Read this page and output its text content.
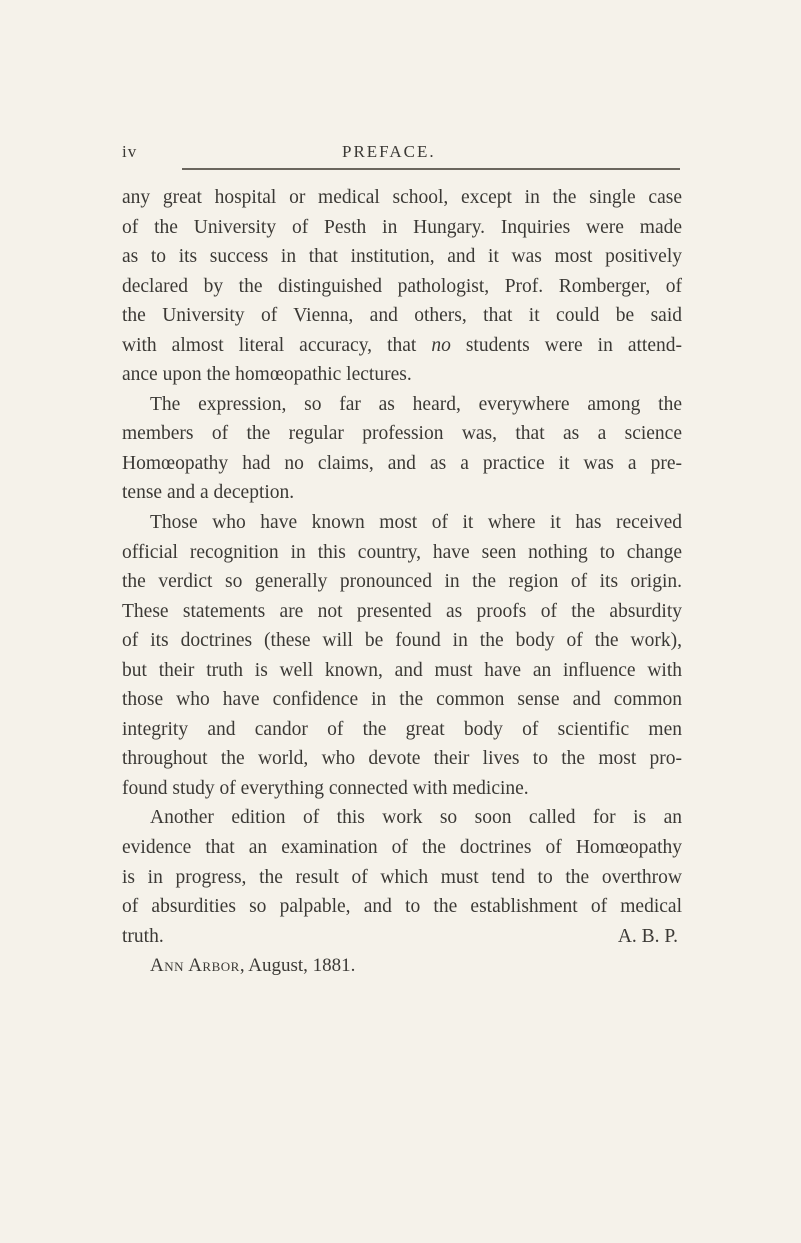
iv	PREFACE.
any great hospital or medical school, except in the single case
of the University of Pesth in Hungary. Inquiries were made
as to its success in that institution, and it was most positively
declared by the distinguished pathologist, Prof. Romberger, of
the University of Vienna, and others, that it could be said
with almost literal accuracy, that no students were in attend-
ance upon the homœopathic lectures.
The expression, so far as heard, everywhere among the
members of the regular profession was, that as a science
Homœopathy had no claims, and as a practice it was a pre-
tense and a deception.
Those who have known most of it where it has received
official recognition in this country, have seen nothing to change
the verdict so generally pronounced in the region of its origin.
These statements are not presented as proofs of the absurdity
of its doctrines (these will be found in the body of the work),
but their truth is well known, and must have an influence with
those who have confidence in the common sense and common
integrity and candor of the great body of scientific men
throughout the world, who devote their lives to the most pro-
found study of everything connected with medicine.
Another edition of this work so soon called for is an
evidence that an examination of the doctrines of Homœopathy
is in progress, the result of which must tend to the overthrow
of absurdities so palpable, and to the establishment of medical
truth.	A. B. P.
Ann Arbor, August, 1881.
